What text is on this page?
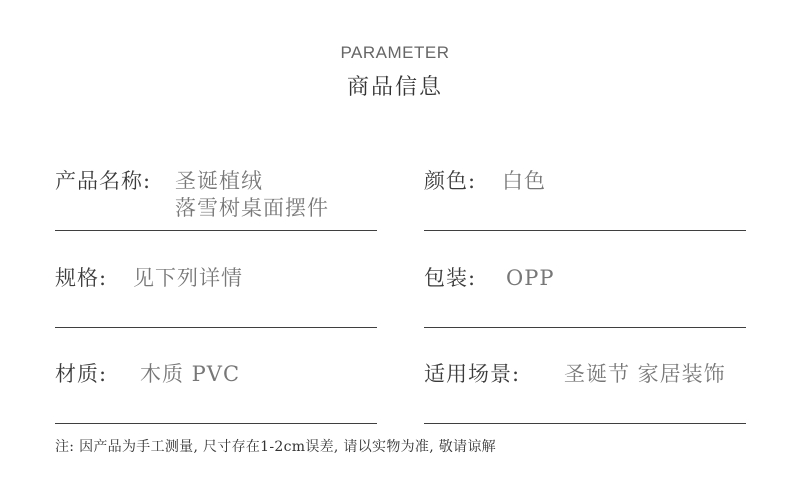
PARAMETER
商品信息
产品名称: 圣诞植绒
落雪树桌面摆件
颜色: 白色
规格: 见下列详情	包装: OPP
材质: 木质 PVC	适用场景: 圣诞节 家居装饰
注: 因产品为手工测量, 尺寸存在1-2cm误差, 请以实物为准, 敬请谅解
